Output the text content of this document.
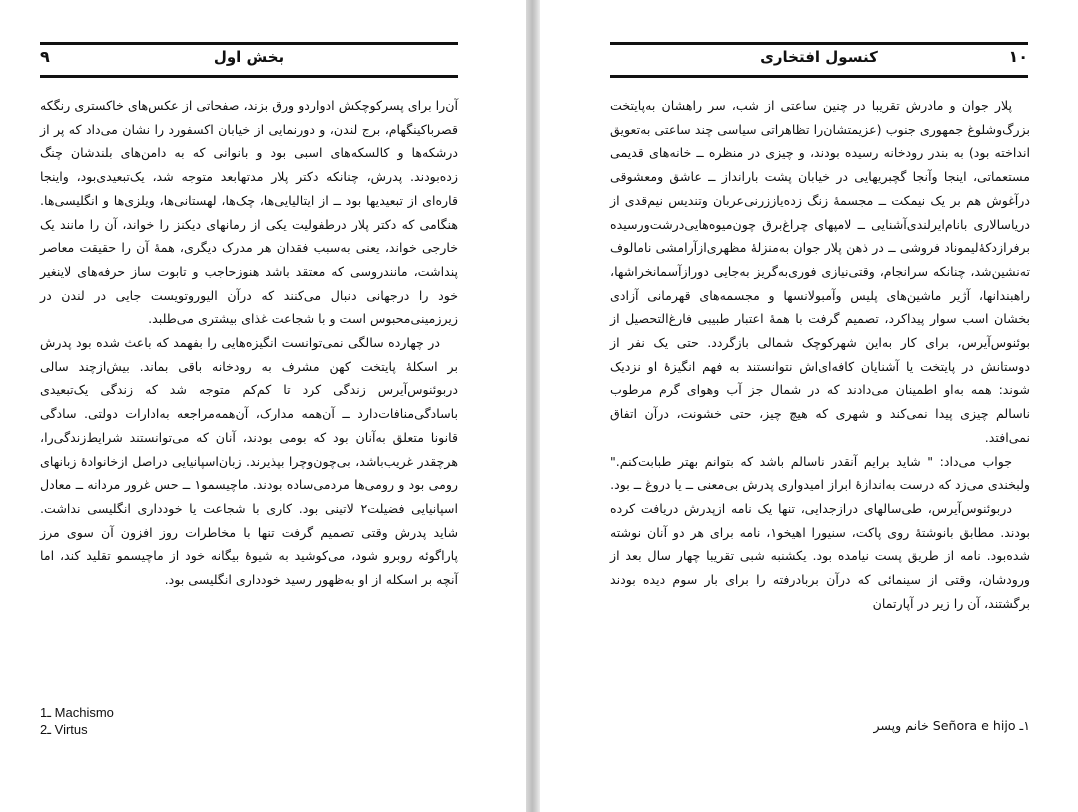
۹	بخش اول

آن‌را برای پسرکوچکش ادواردو ورق بزند، صفحاتی از عکس‌های خاکستری رنگکه قصرباکینگهام، برج لندن، و دورنمایی از خیابان اکسفورد را نشان می‌داد که پر از درشکه‌ها و کالسکه‌های اسبی بود و بانوانی که به دامن‌های بلندشان چنگ زده‌بودند. پدرش، چنانکه دکتر پلار مدتهابعد متوجه شد، یک‌تبعیدی‌بود، واینجا قاره‌ای از تبعیدیها بود ــ از ایتالیایی‌ها، چک‌ها، لهستانی‌ها، ویلزی‌ها و انگلیسی‌ها. هنگامی که دکتر پلار درطفولیت یکی از رمانهای دیکنز را خواند، آن را مانند یک خارجی خواند، یعنی به‌سبب فقدان هر مدرک دیگری، همهٔ آن را حقیقت معاصر پنداشت، مانندروسی که معتقد باشد هنوزحاجب و تابوت ساز حرفه‌های لاینغیر خود را درجهانی دنبال می‌کنند که درآن الیوروتویست جایی در لندن در زیرزمینی‌محبوس است و با شجاعت غذای بیشتری می‌طلبد.

در چهارده سالگی نمی‌توانست انگیزه‌هایی را بفهمد که باعث شده بود پدرش بر اسکلهٔ پایتخت کهن مشرف به رودخانه باقی بماند. بیش‌ازچند سالی دربوئنوس‌آیرس زندگی کرد تا کم‌کم متوجه شد که زندگی یک‌تبعیدی باسادگی‌منافات‌دارد ــ آن‌همه مدارک، آن‌همه‌مراجعه به‌ادارات دولتی. سادگی قانونا متعلق به‌آنان بود که بومی بودند، آنان که می‌توانستند شرایط‌زندگی‌را، هرچقدر غریب‌باشد، بی‌چون‌وچرا بپذیرند. زبان‌اسپانیایی دراصل ازخانوادهٔ زبانهای رومی بود و رومی‌ها مردمی‌ساده بودند. ماچیسمو۱ ــ حس غرور مردانه ــ معادل اسپانیایی فضیلت۲ لاتینی بود. کاری با شجاعت یا خودداری انگلیسی نداشت. شاید پدرش وقتی تصمیم گرفت تنها با مخاطرات روز افزون آن سوی مرز پاراگوئه روبرو شود، می‌کوشید به شیوهٔ بیگانه خود از ماچیسمو تقلید کند، اما آنچه بر اسکله از او به‌ظهور رسید خودداری انگلیسی بود.

1ـ Machismo
2ـ Virtus
۱۰
کنسول افتخاری

پلار جوان و مادرش تقریبا در چنین ساعتی از شب، سر راهشان به‌پایتخت بزرگ‌وشلوغ جمهوری جنوب (عزیمتشان‌را تظاهراتی سیاسی چند ساعتی به‌تعویق انداخته بود) به بندر رودخانه رسیده بودند، و چیزی در منظره ــ خانه‌های قدیمی مستعماتی، اینجا وآنجا گچبریهایی در خیابان پشت بارانداز ــ عاشق ومعشوقی درآغوش هم بر یک نیمکت ــ مجسمهٔ زنگ زده‌یاززرنی‌عربان وتندیس نیم‌قدی از دریاسالاری بانام‌ایرلندی‌آشنایی ــ لامپهای چراغ‌برق چون‌میوه‌هایی‌درشت‌ورسیده برفرازدکهٔ‌لیموناد فروشی ــ در ذهن پلار جوان به‌منزلهٔ مظهری‌ازآرامشی ناما‌لوف ته‌نشین‌شد، چنانکه سرانجام، وقتی‌نیازی فوری‌به‌گریز به‌جایی دوراز‌آسمانخراشها، راهبندانها، آژیر ماشین‌های پلیس وآمبولانسها و مجسمه‌های قهرمانی آزادی بخشان اسب سوار پیداکرد، تصمیم گرفت با همهٔ اعتبار طبیبی فارغ‌التحصیل از بوئنوس‌آیرس، برای کار به‌این شهرکوچک شمالی بازگردد. حتی یک نفر از دوستانش در پایتخت یا آشنایان کافه‌ای‌اش نتوانستند به فهم انگیزهٔ او نزدیک شوند: همه به‌او اطمینان می‌دادند که در شمال جز آب وهوای گرم مرطوب ناسالم چیزی پیدا نمی‌کند و شهری که هیچ چیز، حتی خشونت، درآن اتفاق نمی‌افتد.

جواب می‌داد: " شاید برایم آنقدر ناسالم باشد که بتوانم بهتر طبابت‌کنم." ولبخندی می‌زد که درست به‌اندازهٔ ابراز امیدواری پدرش بی‌معنی ــ یا دروغ ــ بود.

دربوئنوس‌آیرس، طی‌سالهای درازجدایی، تنها یک نامه ازپدرش دریافت کرده بودند. مطابق بانوشتهٔ روی پاکت، سنیورا اهیخو۱، نامه برای هر دو آنان نوشته شده‌بود. نامه از طریق پست نیامده بود. یکشنبه شبی تقریبا چهار سال بعد از ورودشان، وقتی از سینمائی که درآن بربادرفته را برای بار سوم دیده بودند برگشتند، آن را زیر در آپارتمان

۱ـ Señora e hijo خانم وپسر
